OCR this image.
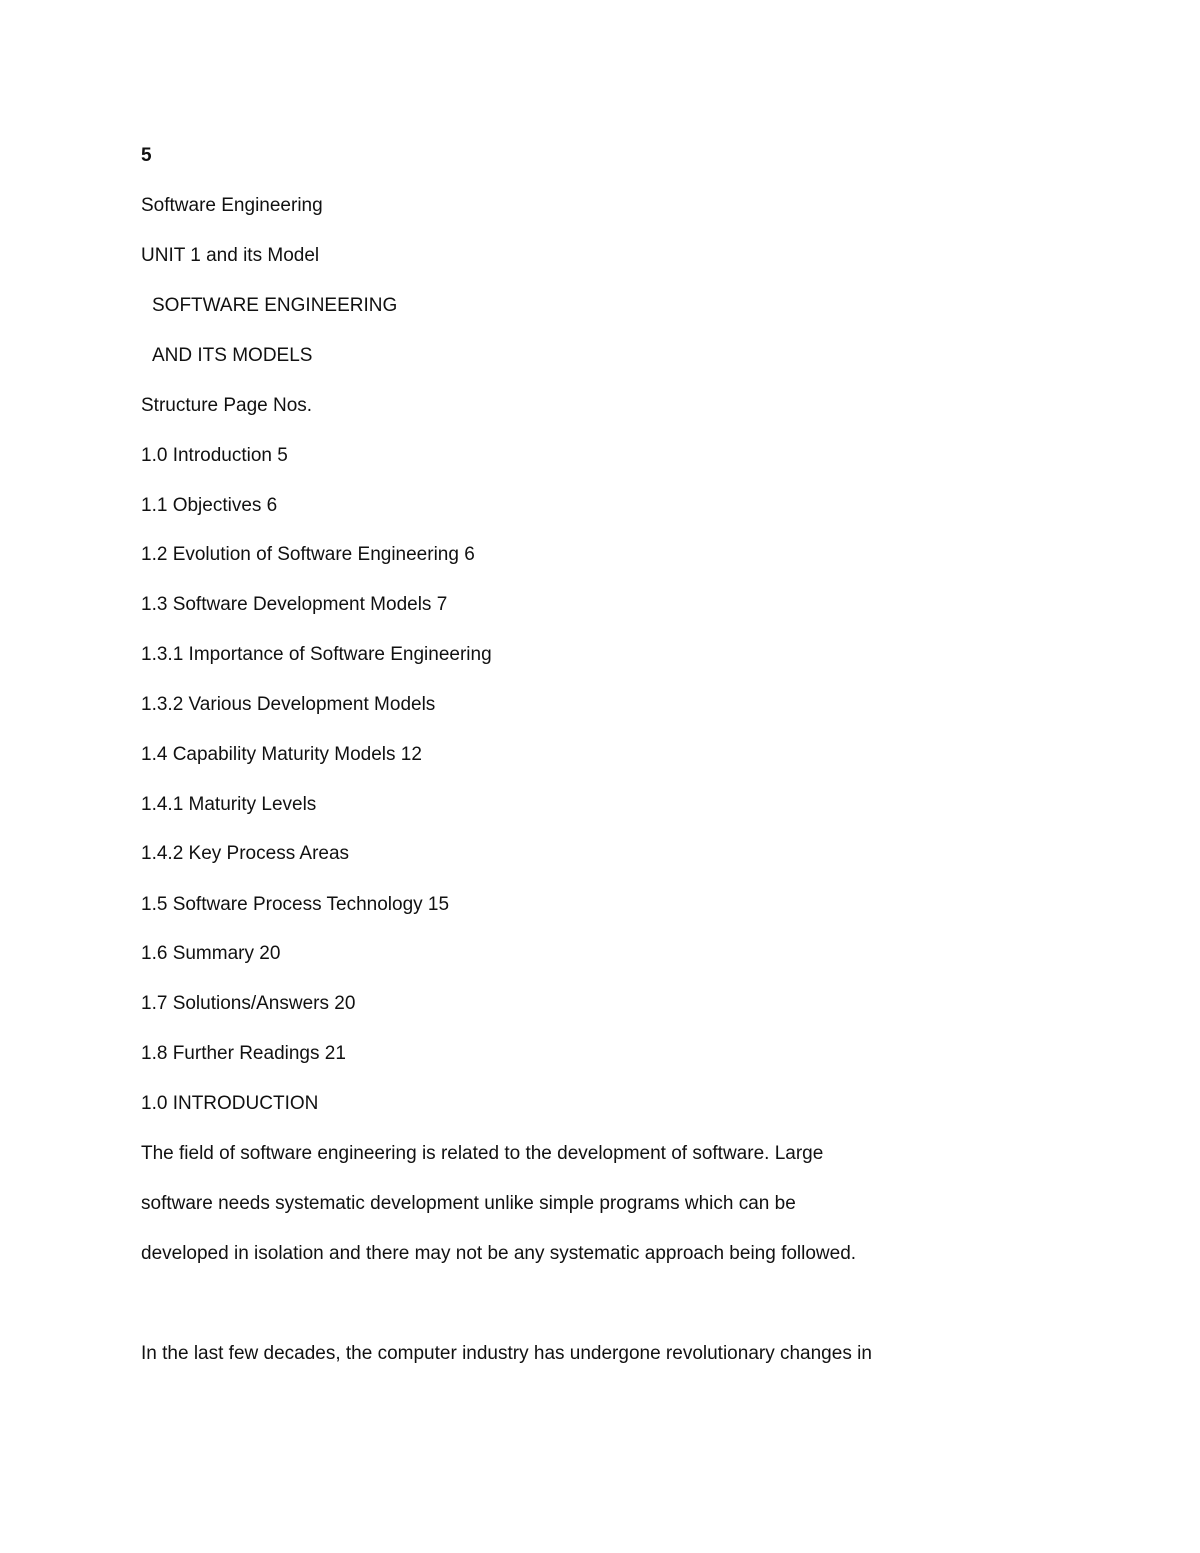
5
Software Engineering
UNIT 1 and its Model
SOFTWARE ENGINEERING
AND ITS MODELS
Structure Page Nos.
1.0 Introduction 5
1.1 Objectives 6
1.2 Evolution of Software Engineering 6
1.3 Software Development Models 7
1.3.1 Importance of Software Engineering
1.3.2 Various Development Models
1.4 Capability Maturity Models 12
1.4.1 Maturity Levels
1.4.2 Key Process Areas
1.5 Software Process Technology 15
1.6 Summary 20
1.7 Solutions/Answers 20
1.8 Further Readings 21
1.0 INTRODUCTION
The field of software engineering is related to the development of software. Large
software needs systematic development unlike simple programs which can be
developed in isolation and there may not be any systematic approach being followed.
In the last few decades, the computer industry has undergone revolutionary changes in
